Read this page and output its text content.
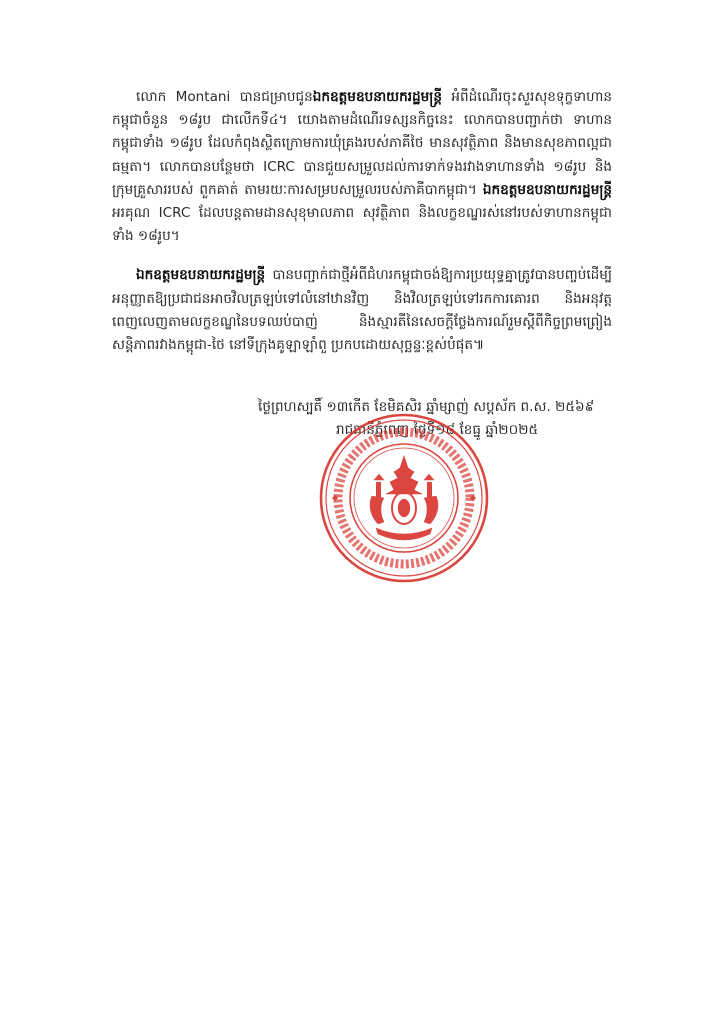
លោក Montani បានជម្រាបជូនឯកឧត្តមឧបនាយករដ្ឋមន្ត្រី អំពីដំណើរចុះសួរសុខទុក្ខទាហានកម្ពុជាចំនួន ១៨រូប ជាលើកទី៤។ យោងតាមដំណើរទស្សនកិច្ចនេះ លោកបានបញ្ជាក់ថា ទាហានកម្ពុជាទាំង ១៨រូប ដែលកំពុងស្ថិតក្រោមការឃុំគ្រងរបស់ភាគីថៃ មានសុវត្ថិភាព និងមានសុខភាពល្អជាធម្មតា។ លោកបានបន្ថែមថា ICRC បានជួយសម្រួលដល់ការទាក់ទងរវាងទាហានទាំង ១៨រូប និងក្រុមគ្រួសាររបស់ ពួកគាត់ តាមរយៈការសម្របសម្រួលរបស់ភាគីបាកម្ពុជា។ ឯកឧត្តមឧបនាយករដ្ឋមន្ត្រី អរគុណ ICRC ដែលបន្តតាមដានសុខុមាលភាព សុវត្ថិភាព និងលក្ខខណ្ឌរស់នៅរបស់ទាហានកម្ពុជាទាំង ១៨រូប។

ឯកឧត្តមឧបនាយករដ្ឋមន្ត្រី បានបញ្ជាក់ជាថ្មីអំពីជំហរកម្ពុជាចង់ឱ្យការប្រយុទ្ធគ្នាត្រូវបានបញ្ចប់ដើម្បីអនុញ្ញាតឱ្យប្រជាជនអាចវិលត្រឡប់ទៅលំនៅឋានវិញ និងវិលត្រឡប់ទៅរកការគោរព និងអនុវត្តពេញលេញតាមលក្ខខណ្ឌនៃបទឈប់បាញ់ និងស្មារតីនៃសេចក្តីថ្លែងការណ៍រួមស្តីពីកិច្ចព្រមព្រៀងសន្តិភាពរវាងកម្ពុជា-ថៃ នៅទីក្រុងគូឡាឡាំពួ ប្រកបដោយសុច្ឆន្ទៈខ្ពស់បំផុត៕

ថ្ងៃព្រហស្បតិ៍ ១៣កើត ខែមិគសិរ ឆ្នាំម្សាញ់ សប្តស័ក ព.ស. ២៥៦៩
រាជធានីភ្នំពេញ ថ្ងៃទី១៨ ខែធ្នូ ឆ្នាំ២០២៥
